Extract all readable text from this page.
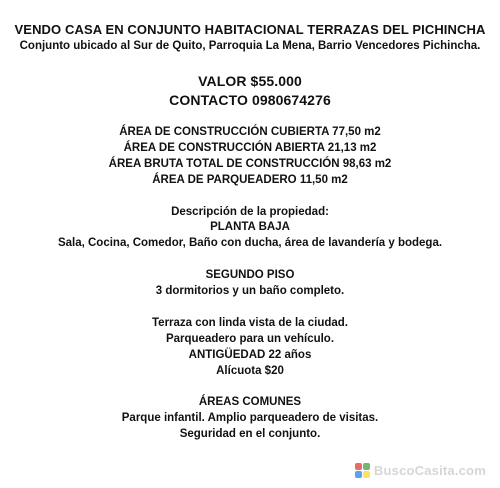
VENDO CASA EN CONJUNTO HABITACIONAL TERRAZAS DEL PICHINCHA
Conjunto ubicado al Sur de Quito, Parroquia La Mena, Barrio Vencedores Pichincha.
VALOR $55.000
CONTACTO 0980674276
ÁREA DE CONSTRUCCIÓN CUBIERTA 77,50 m2
ÁREA DE CONSTRUCCIÓN ABIERTA 21,13 m2
ÁREA BRUTA TOTAL DE CONSTRUCCIÓN 98,63 m2
ÁREA DE PARQUEADERO 11,50 m2
Descripción de la propiedad:
PLANTA BAJA
Sala, Cocina, Comedor, Baño con ducha, área de lavandería y bodega.
SEGUNDO PISO
3 dormitorios y un baño completo.
Terraza con linda vista de la ciudad.
Parqueadero para un vehículo.
ANTIGÜEDAD 22 años
Alícuota $20
ÁREAS COMUNES
Parque infantil. Amplio parqueadero de visitas.
Seguridad en el conjunto.
BuscoCasita.com
